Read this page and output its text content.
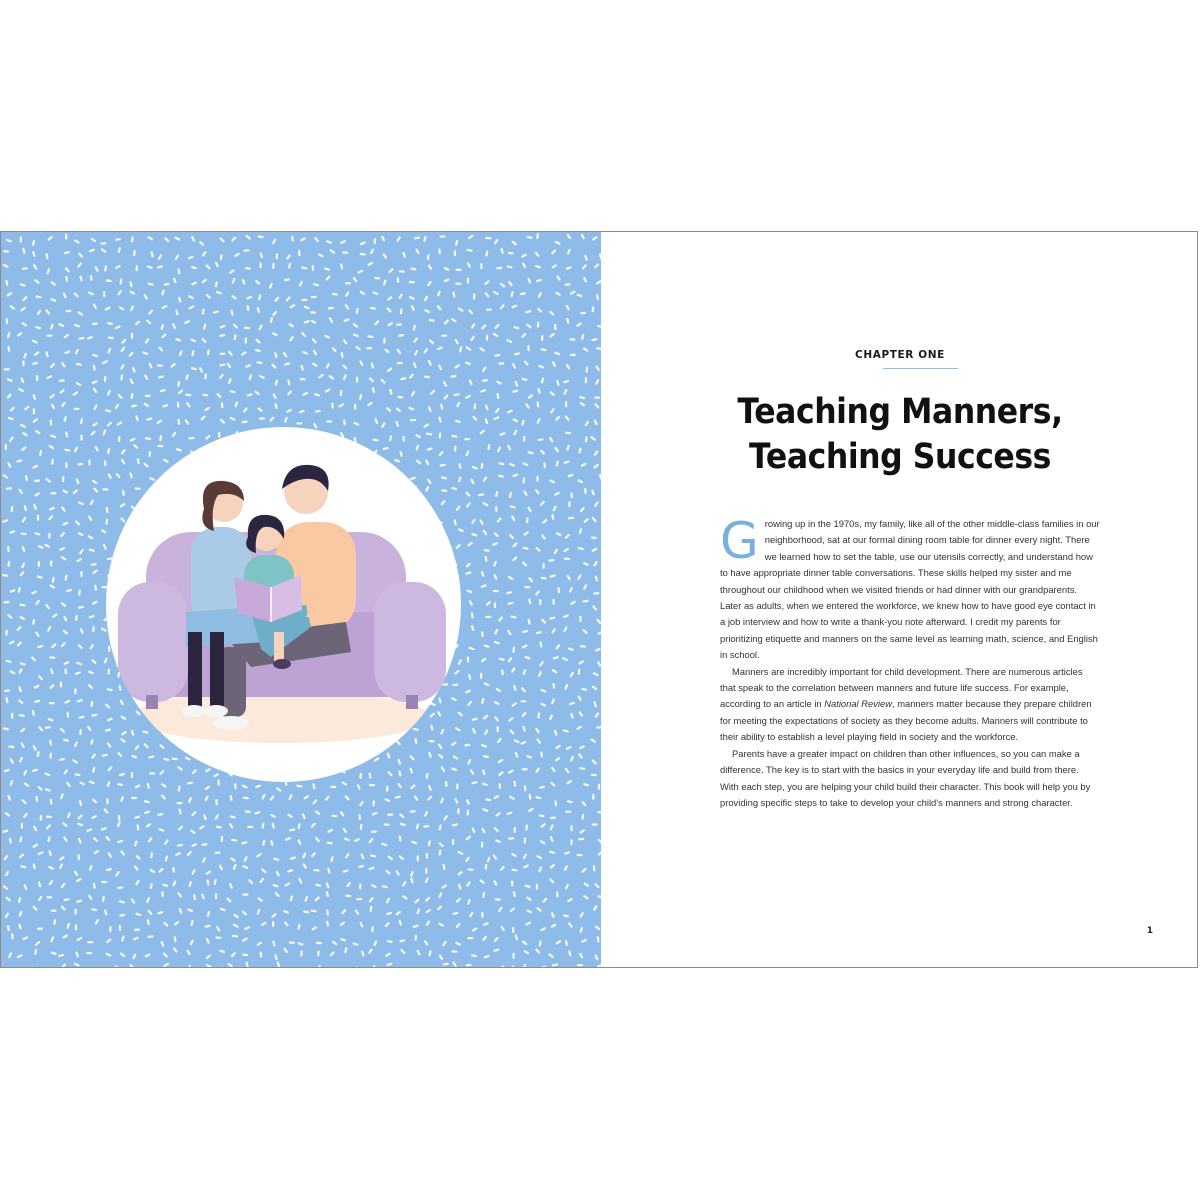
CHAPTER ONE
Teaching Manners,
Teaching Success

Growing up in the 1970s, my family, like all of the other middle-class families in our neighborhood, sat at our formal dining room table for dinner every night. There we learned how to set the table, use our utensils correctly, and understand how to have appropriate dinner table conversations. These skills helped my sister and me throughout our childhood when we visited friends or had dinner with our grandparents. Later as adults, when we entered the workforce, we knew how to have good eye contact in a job interview and how to write a thank-you note afterward. I credit my parents for prioritizing etiquette and manners on the same level as learning math, science, and English in school.

Manners are incredibly important for child development. There are numerous articles that speak to the correlation between manners and future life success. For example, according to an article in National Review, manners matter because they prepare children for meeting the expectations of society as they become adults. Manners will contribute to their ability to establish a level playing field in society and the workforce.

Parents have a greater impact on children than other influences, so you can make a difference. The key is to start with the basics in your everyday life and build from there. With each step, you are helping your child build their character. This book will help you by providing specific steps to take to develop your child's manners and strong character.

1
